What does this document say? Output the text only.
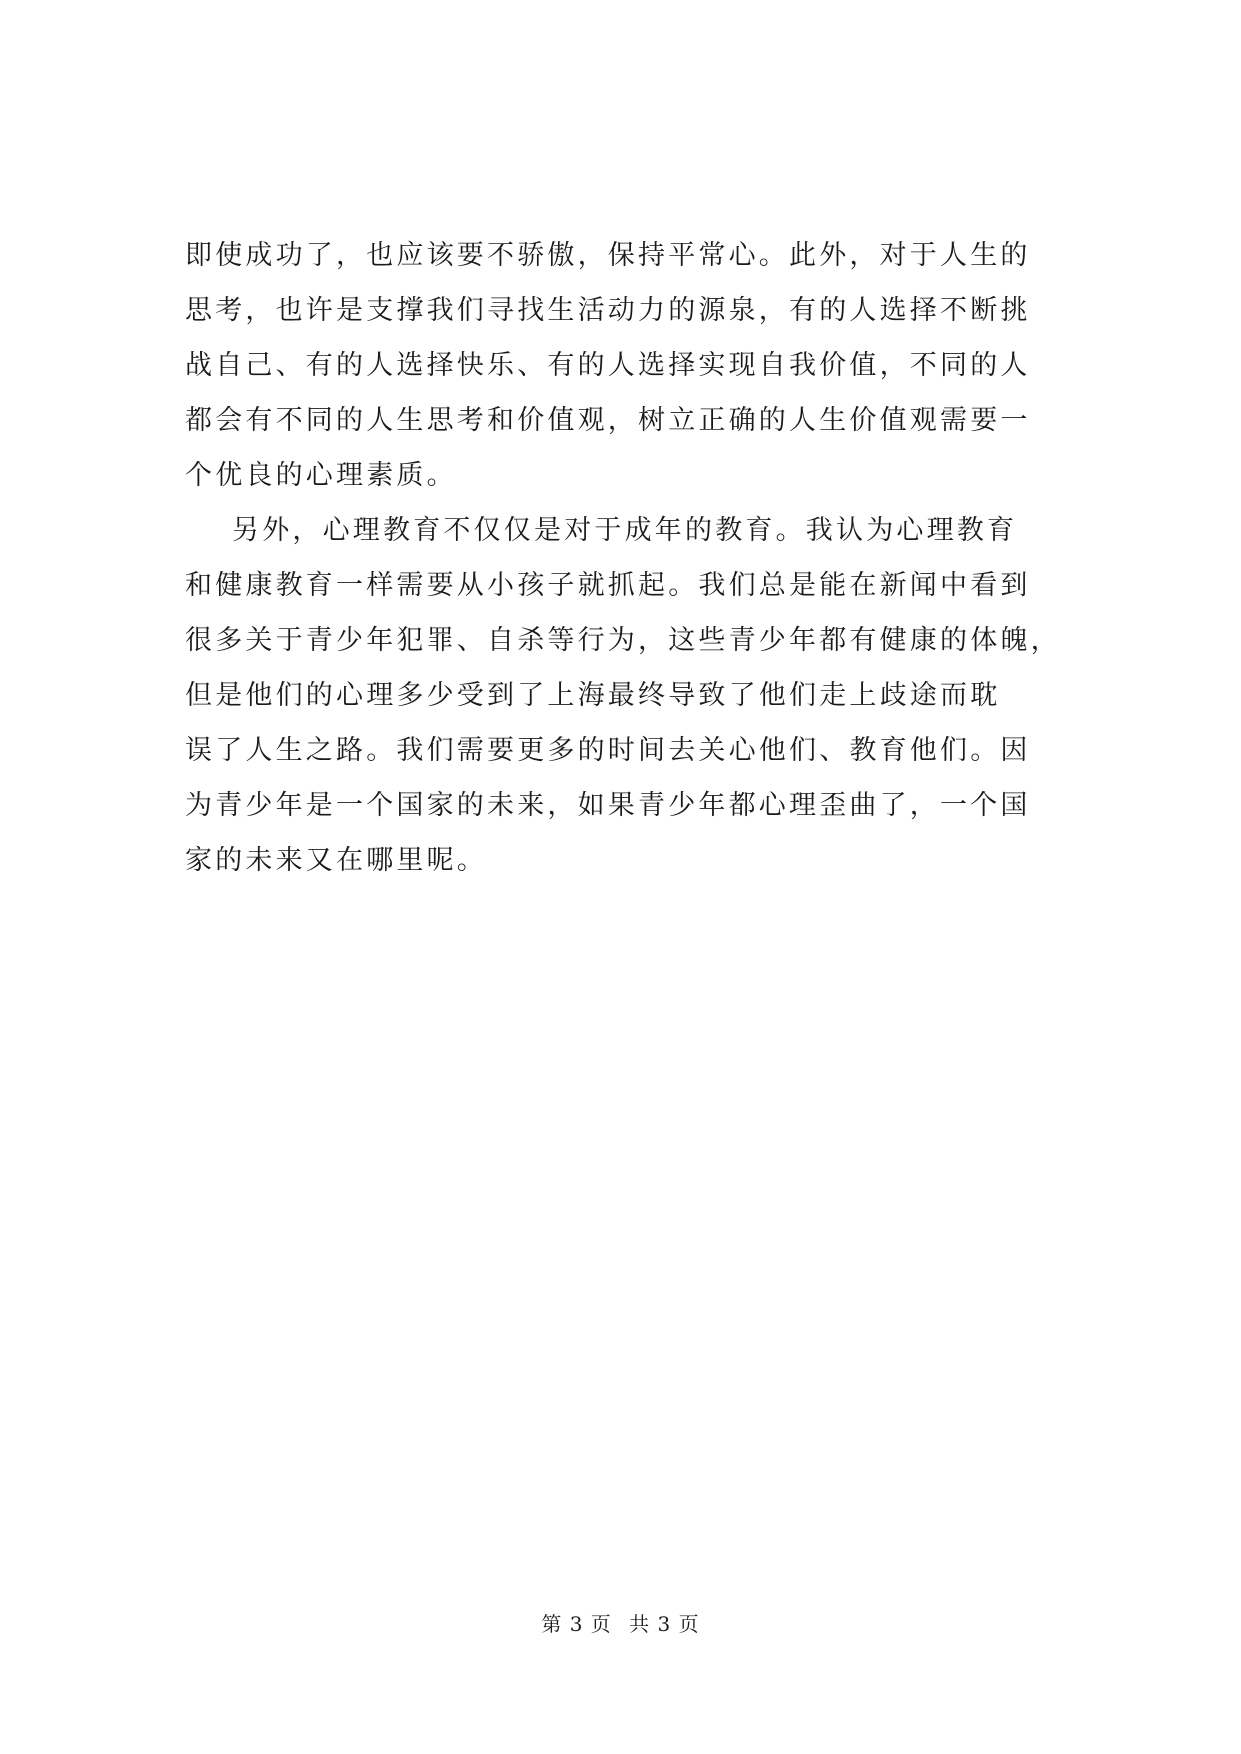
即使成功了，也应该要不骄傲，保持平常心。此外，对于人生的
思考，也许是支撑我们寻找生活动力的源泉，有的人选择不断挑
战自己、有的人选择快乐、有的人选择实现自我价值，不同的人
都会有不同的人生思考和价值观，树立正确的人生价值观需要一
个优良的心理素质。
另外，心理教育不仅仅是对于成年的教育。我认为心理教育
和健康教育一样需要从小孩子就抓起。我们总是能在新闻中看到
很多关于青少年犯罪、自杀等行为，这些青少年都有健康的体魄，
但是他们的心理多少受到了上海最终导致了他们走上歧途而耽
误了人生之路。我们需要更多的时间去关心他们、教育他们。因
为青少年是一个国家的未来，如果青少年都心理歪曲了，一个国
家的未来又在哪里呢。
第 3 页 共 3 页
